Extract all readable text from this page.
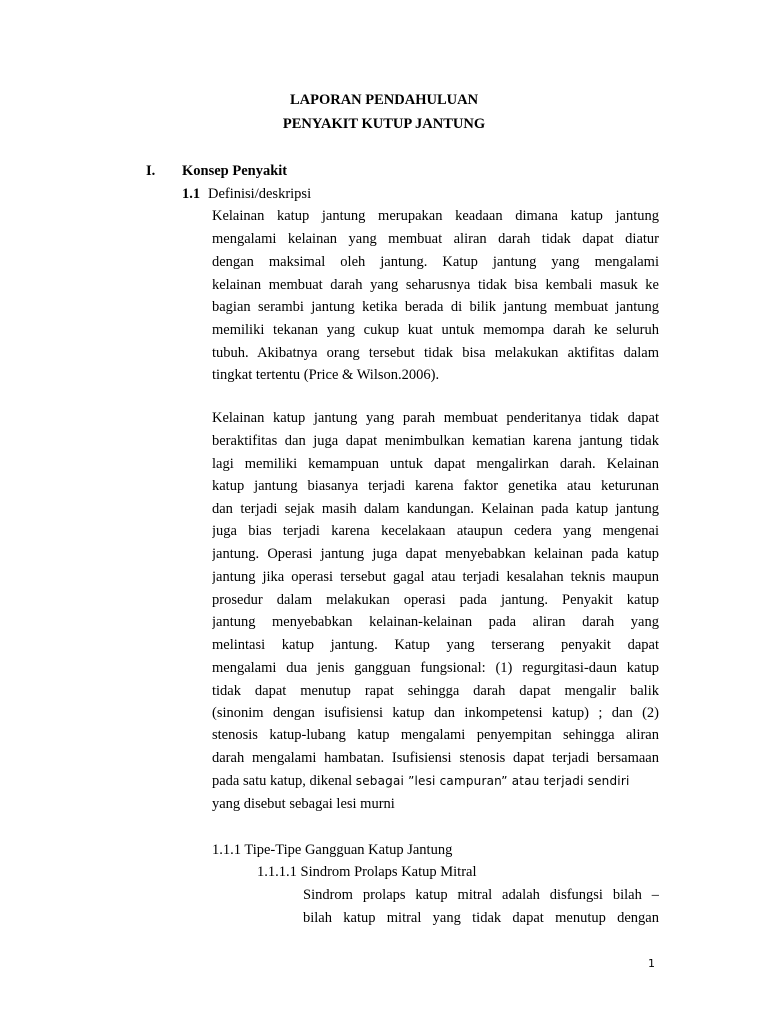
LAPORAN PENDAHULUAN
PENYAKIT KUTUP JANTUNG
I. Konsep Penyakit
1.1 Definisi/deskripsi
Kelainan katup jantung merupakan keadaan dimana katup jantung
mengalami kelainan yang membuat aliran darah tidak dapat diatur
dengan maksimal oleh jantung. Katup jantung yang mengalami
kelainan membuat darah yang seharusnya tidak bisa kembali masuk ke
bagian serambi jantung ketika berada di bilik jantung membuat jantung
memiliki tekanan yang cukup kuat untuk memompa darah ke seluruh
tubuh. Akibatnya orang tersebut tidak bisa melakukan aktifitas dalam
tingkat tertentu (Price & Wilson.2006).
Kelainan katup jantung yang parah membuat penderitanya tidak dapat
beraktifitas dan juga dapat menimbulkan kematian karena jantung tidak
lagi memiliki kemampuan untuk dapat mengalirkan darah. Kelainan
katup jantung biasanya terjadi karena faktor genetika atau keturunan
dan terjadi sejak masih dalam kandungan. Kelainan pada katup jantung
juga bias terjadi karena kecelakaan ataupun cedera yang mengenai
jantung. Operasi jantung juga dapat menyebabkan kelainan pada katup
jantung jika operasi tersebut gagal atau terjadi kesalahan teknis maupun
prosedur dalam melakukan operasi pada jantung. Penyakit katup
jantung menyebabkan kelainan-kelainan pada aliran darah yang
melintasi katup jantung. Katup yang terserang penyakit dapat
mengalami dua jenis gangguan fungsional: (1) regurgitasi-daun katup
tidak dapat menutup rapat sehingga darah dapat mengalir balik
(sinonim dengan isufisiensi katup dan inkompetensi katup) ; dan (2)
stenosis katup-lubang katup mengalami penyempitan sehingga aliran
darah mengalami hambatan. Isufisiensi stenosis dapat terjadi bersamaan
pada satu katup, dikenal sebagai ”lesi campuran” atau terjadi sendiri
yang disebut sebagai lesi murni
1.1.1 Tipe-Tipe Gangguan Katup Jantung
1.1.1.1 Sindrom Prolaps Katup Mitral
Sindrom prolaps katup mitral adalah disfungsi bilah –
bilah katup mitral yang tidak dapat menutup dengan
1
